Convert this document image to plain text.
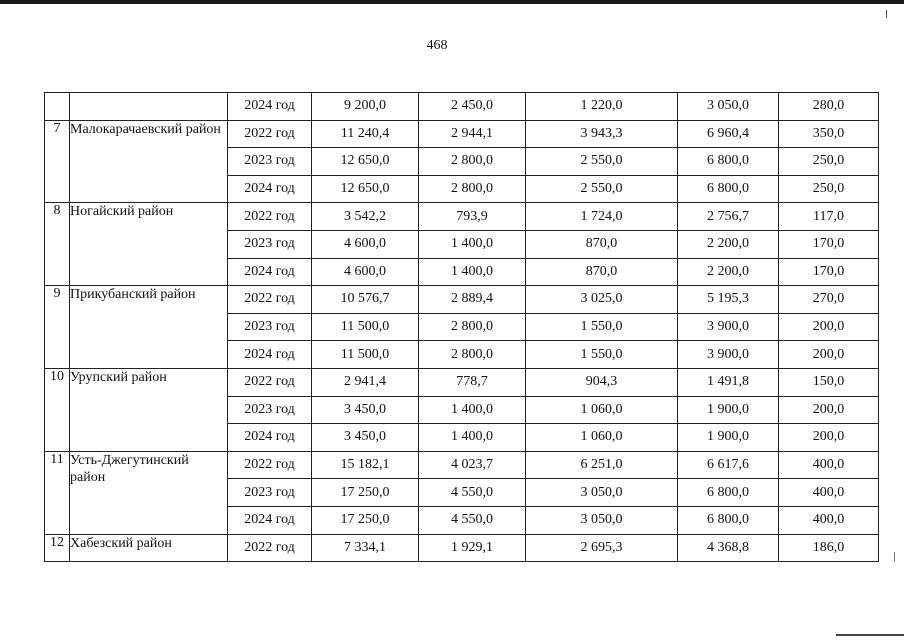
468
		2024 год	9 200,0	2 450,0	1 220,0	3 050,0	280,0
7	Малокарачаевский район	2022 год	11 240,4	2 944,1	3 943,3	6 960,4	350,0
		2023 год	12 650,0	2 800,0	2 550,0	6 800,0	250,0
		2024 год	12 650,0	2 800,0	2 550,0	6 800,0	250,0
8	Ногайский район	2022 год	3 542,2	793,9	1 724,0	2 756,7	117,0
		2023 год	4 600,0	1 400,0	870,0	2 200,0	170,0
		2024 год	4 600,0	1 400,0	870,0	2 200,0	170,0
9	Прикубанский район	2022 год	10 576,7	2 889,4	3 025,0	5 195,3	270,0
		2023 год	11 500,0	2 800,0	1 550,0	3 900,0	200,0
		2024 год	11 500,0	2 800,0	1 550,0	3 900,0	200,0
10	Урупский район	2022 год	2 941,4	778,7	904,3	1 491,8	150,0
		2023 год	3 450,0	1 400,0	1 060,0	1 900,0	200,0
		2024 год	3 450,0	1 400,0	1 060,0	1 900,0	200,0
11	Усть-Джегутинский район	2022 год	15 182,1	4 023,7	6 251,0	6 617,6	400,0
		2023 год	17 250,0	4 550,0	3 050,0	6 800,0	400,0
		2024 год	17 250,0	4 550,0	3 050,0	6 800,0	400,0
12	Хабезский район	2022 год	7 334,1	1 929,1	2 695,3	4 368,8	186,0
